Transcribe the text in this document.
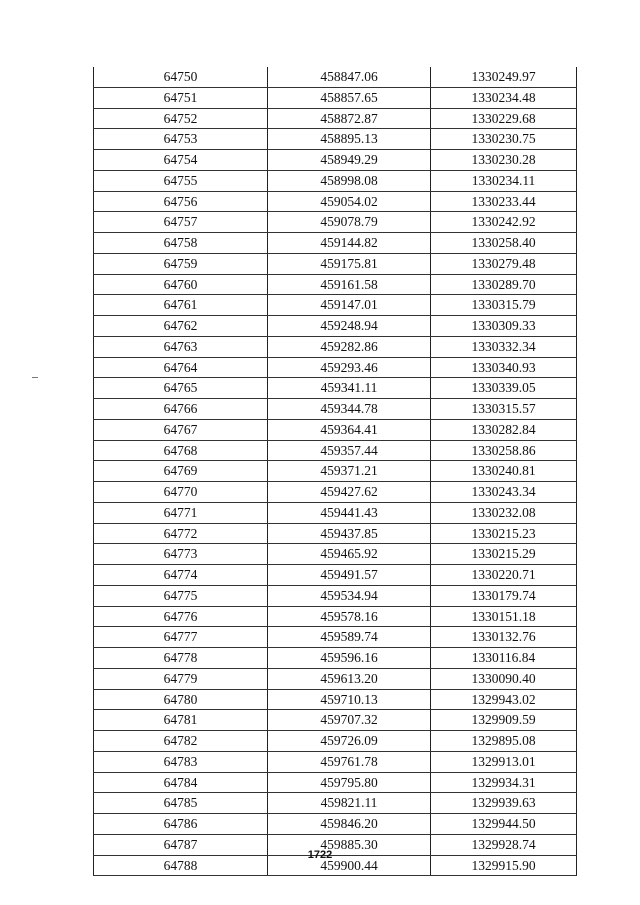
64750	458847.06	1330249.97
64751	458857.65	1330234.48
64752	458872.87	1330229.68
64753	458895.13	1330230.75
64754	458949.29	1330230.28
64755	458998.08	1330234.11
64756	459054.02	1330233.44
64757	459078.79	1330242.92
64758	459144.82	1330258.40
64759	459175.81	1330279.48
64760	459161.58	1330289.70
64761	459147.01	1330315.79
64762	459248.94	1330309.33
64763	459282.86	1330332.34
64764	459293.46	1330340.93
64765	459341.11	1330339.05
64766	459344.78	1330315.57
64767	459364.41	1330282.84
64768	459357.44	1330258.86
64769	459371.21	1330240.81
64770	459427.62	1330243.34
64771	459441.43	1330232.08
64772	459437.85	1330215.23
64773	459465.92	1330215.29
64774	459491.57	1330220.71
64775	459534.94	1330179.74
64776	459578.16	1330151.18
64777	459589.74	1330132.76
64778	459596.16	1330116.84
64779	459613.20	1330090.40
64780	459710.13	1329943.02
64781	459707.32	1329909.59
64782	459726.09	1329895.08
64783	459761.78	1329913.01
64784	459795.80	1329934.31
64785	459821.11	1329939.63
64786	459846.20	1329944.50
64787	459885.30	1329928.74
64788	459900.44	1329915.90
1722
